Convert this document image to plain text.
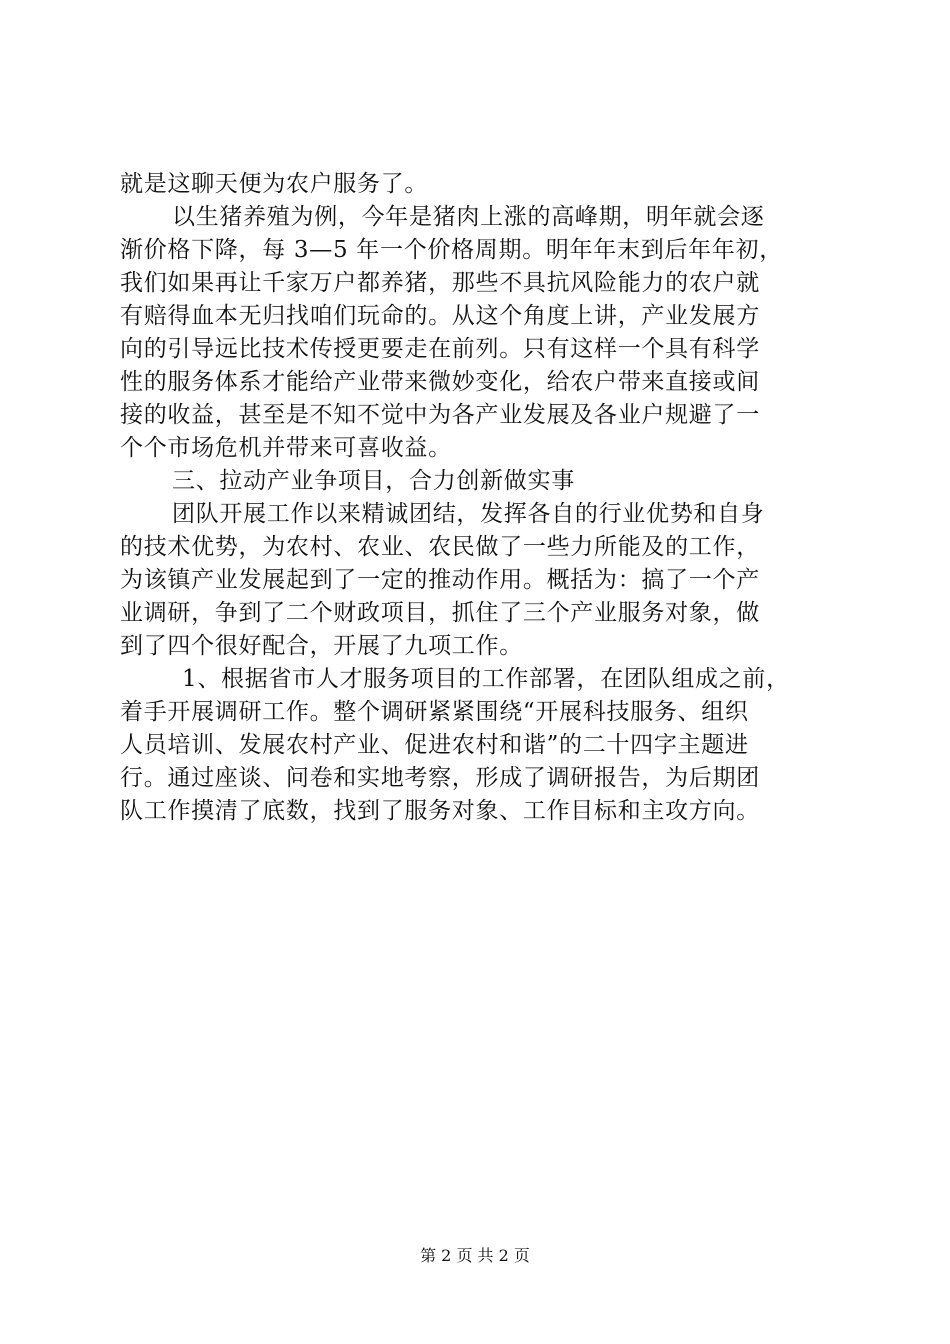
就是这聊天便为农户服务了。
以生猪养殖为例，今年是猪肉上涨的高峰期，明年就会逐
渐价格下降，每 3—5 年一个价格周期。明年年末到后年年初，
我们如果再让千家万户都养猪，那些不具抗风险能力的农户就
有赔得血本无归找咱们玩命的。从这个角度上讲，产业发展方
向的引导远比技术传授更要走在前列。只有这样一个具有科学
性的服务体系才能给产业带来微妙变化，给农户带来直接或间
接的收益，甚至是不知不觉中为各产业发展及各业户规避了一
个个市场危机并带来可喜收益。
三、拉动产业争项目，合力创新做实事
团队开展工作以来精诚团结，发挥各自的行业优势和自身
的技术优势，为农村、农业、农民做了一些力所能及的工作，
为该镇产业发展起到了一定的推动作用。概括为：搞了一个产
业调研，争到了二个财政项目，抓住了三个产业服务对象，做
到了四个很好配合，开展了九项工作。
1、根据省市人才服务项目的工作部署，在团队组成之前，
着手开展调研工作。整个调研紧紧围绕“开展科技服务、组织
人员培训、发展农村产业、促进农村和谐”的二十四字主题进
行。通过座谈、问卷和实地考察，形成了调研报告，为后期团
队工作摸清了底数，找到了服务对象、工作目标和主攻方向。
第 2 页 共 2 页
